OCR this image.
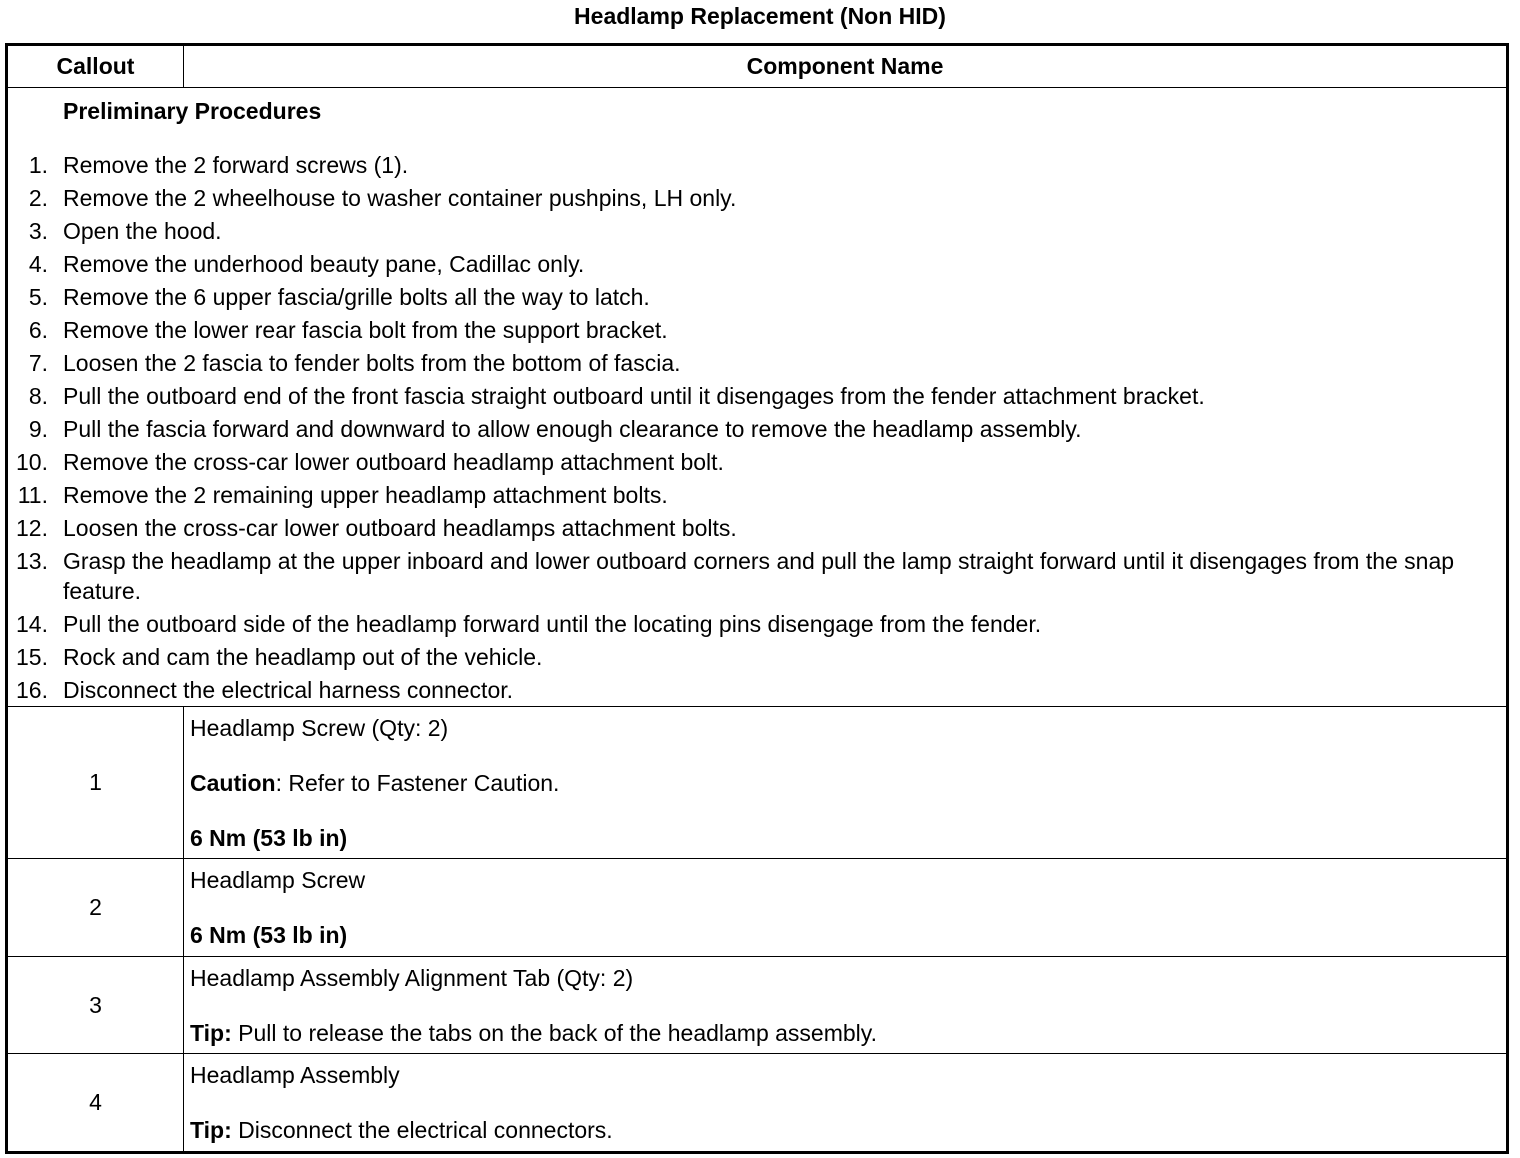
Headlamp Replacement (Non HID)
Callout	Component Name
Preliminary Procedures
1. Remove the 2 forward screws (1).
2. Remove the 2 wheelhouse to washer container pushpins, LH only.
3. Open the hood.
4. Remove the underhood beauty pane, Cadillac only.
5. Remove the 6 upper fascia/grille bolts all the way to latch.
6. Remove the lower rear fascia bolt from the support bracket.
7. Loosen the 2 fascia to fender bolts from the bottom of fascia.
8. Pull the outboard end of the front fascia straight outboard until it disengages from the fender attachment bracket.
9. Pull the fascia forward and downward to allow enough clearance to remove the headlamp assembly.
10. Remove the cross-car lower outboard headlamp attachment bolt.
11. Remove the 2 remaining upper headlamp attachment bolts.
12. Loosen the cross-car lower outboard headlamps attachment bolts.
13. Grasp the headlamp at the upper inboard and lower outboard corners and pull the lamp straight forward until it disengages from the snap feature.
14. Pull the outboard side of the headlamp forward until the locating pins disengage from the fender.
15. Rock and cam the headlamp out of the vehicle.
16. Disconnect the electrical harness connector.
1
Headlamp Screw (Qty: 2)
Caution: Refer to Fastener Caution.
6 Nm (53 lb in)
2
Headlamp Screw
6 Nm (53 lb in)
3
Headlamp Assembly Alignment Tab (Qty: 2)
Tip: Pull to release the tabs on the back of the headlamp assembly.
4
Headlamp Assembly
Tip: Disconnect the electrical connectors.
